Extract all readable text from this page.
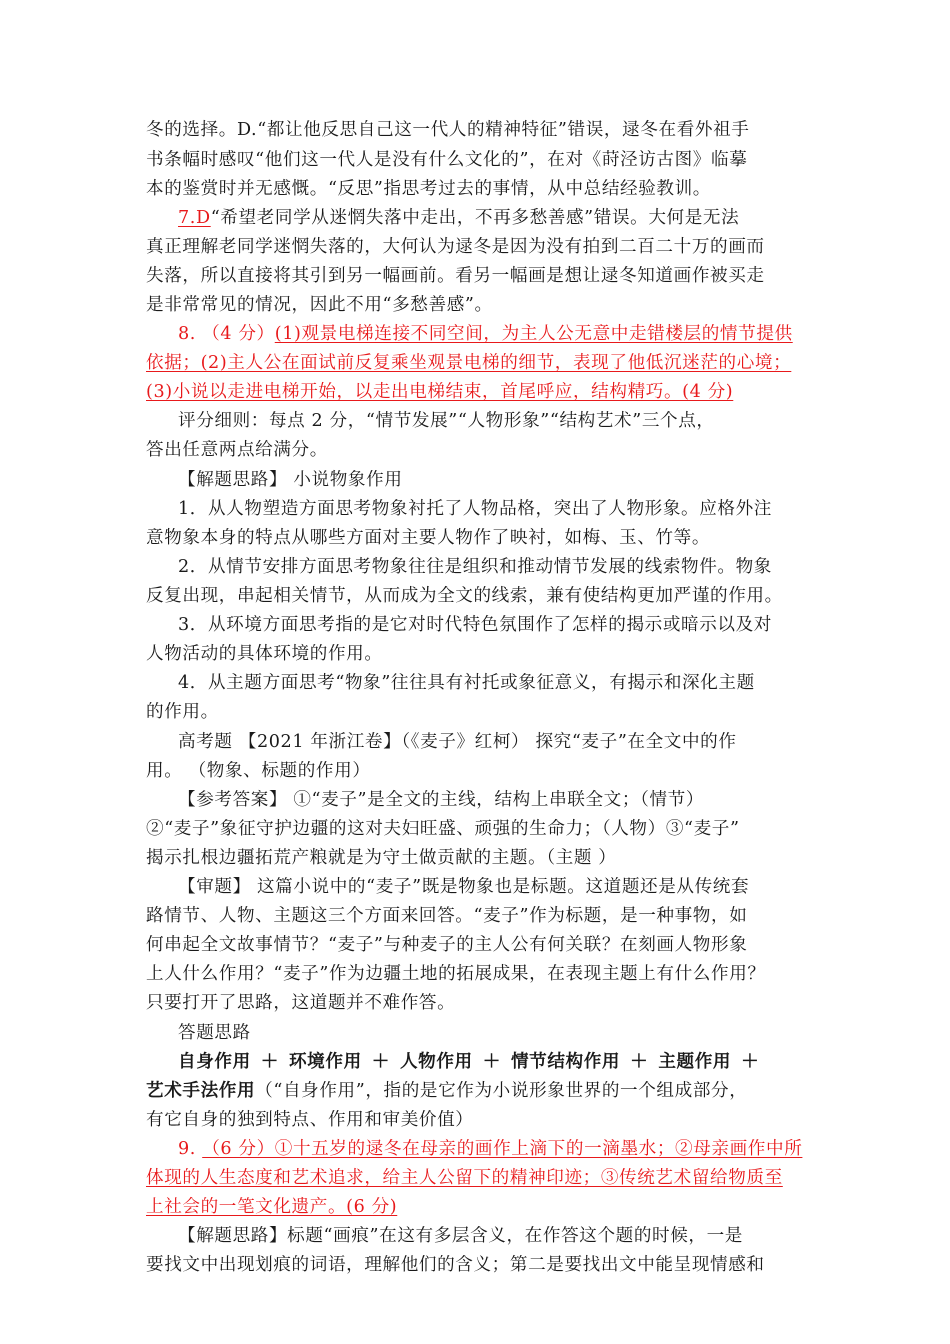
冬的选择。D.“都让他反思自己这一代人的精神特征”错误，逯冬在看外祖手
书条幅时感叹“他们这一代人是没有什么文化的”，在对《莳泾访古图》临摹
本的鉴赏时并无感慨。“反思”指思考过去的事情，从中总结经验教训。
7.D“希望老同学从迷惘失落中走出，不再多愁善感”错误。大何是无法
真正理解老同学迷惘失落的，大何认为逯冬是因为没有拍到二百二十万的画而
失落，所以直接将其引到另一幅画前。看另一幅画是想让逯冬知道画作被买走
是非常常见的情况，因此不用“多愁善感”。
8. （4 分）(1)观景电梯连接不同空间，为主人公无意中走错楼层的情节提供
依据；(2)主人公在面试前反复乘坐观景电梯的细节，表现了他低沉迷茫的心境；
(3)小说以走进电梯开始，以走出电梯结束，首尾呼应，结构精巧。(4 分)
评分细则：每点 2 分，“情节发展”“人物形象”“结构艺术”三个点，
答出任意两点给满分。
【解题思路】 小说物象作用
1．从人物塑造方面思考物象衬托了人物品格，突出了人物形象。应格外注
意物象本身的特点从哪些方面对主要人物作了映衬，如梅、玉、竹等。
2．从情节安排方面思考物象往往是组织和推动情节发展的线索物件。物象
反复出现，串起相关情节，从而成为全文的线索，兼有使结构更加严谨的作用。
3．从环境方面思考指的是它对时代特色氛围作了怎样的揭示或暗示以及对
人物活动的具体环境的作用。
4．从主题方面思考“物象”往往具有衬托或象征意义，有揭示和深化主题
的作用。
高考题 【2021 年浙江卷】（《麦子》红柯） 探究“麦子”在全文中的作
用。 （物象、标题的作用）
【参考答案】 ①“麦子”是全文的主线，结构上串联全文；（情节）
②“麦子”象征守护边疆的这对夫妇旺盛、顽强的生命力；（人物）③“麦子”
揭示扎根边疆拓荒产粮就是为守土做贡献的主题。（主题 ）
【审题】 这篇小说中的“麦子”既是物象也是标题。这道题还是从传统套
路情节、人物、主题这三个方面来回答。“麦子”作为标题，是一种事物，如
何串起全文故事情节？“麦子”与种麦子的主人公有何关联？在刻画人物形象
上人什么作用？“麦子”作为边疆土地的拓展成果，在表现主题上有什么作用？
只要打开了思路，这道题并不难作答。
答题思路
自身作用 ＋ 环境作用 ＋ 人物作用 ＋ 情节结构作用 ＋ 主题作用 ＋
艺术手法作用（“自身作用”，指的是它作为小说形象世界的一个组成部分，
有它自身的独到特点、作用和审美价值）
9. （6 分）①十五岁的逯冬在母亲的画作上滴下的一滴墨水；②母亲画作中所
体现的人生态度和艺术追求，给主人公留下的精神印迹；③传统艺术留给物质至
上社会的一笔文化遗产。(6 分)
【解题思路】标题“画痕”在这有多层含义，在作答这个题的时候，一是
要找文中出现划痕的词语，理解他们的含义；第二是要找出文中能呈现情感和
